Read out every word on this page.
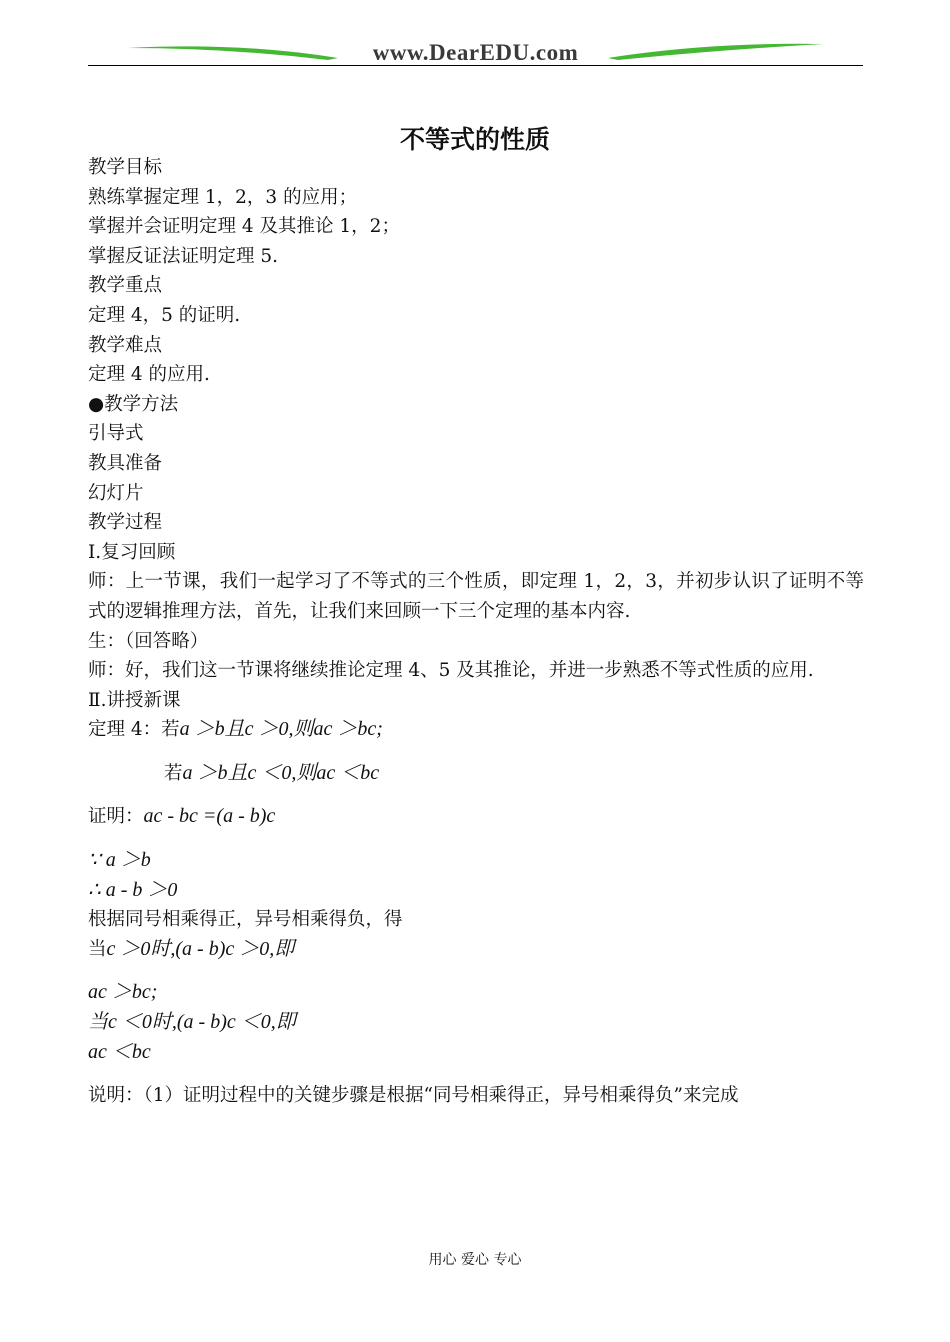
www.DearEDU.com
不等式的性质
教学目标
熟练掌握定理 1，2，3 的应用；
掌握并会证明定理 4 及其推论 1，2；
掌握反证法证明定理 5.
教学重点
定理 4，5 的证明.
教学难点
定理 4 的应用.
●教学方法
引导式
教具准备
幻灯片
教学过程
Ⅰ.复习回顾
师：上一节课，我们一起学习了不等式的三个性质，即定理 1，2，3，并初步认识了证明不等式的逻辑推理方法，首先，让我们来回顾一下三个定理的基本内容.
生：（回答略）
师：好，我们这一节课将继续推论定理 4、5 及其推论，并进一步熟悉不等式性质的应用.
Ⅱ.讲授新课
定理 4：若a ＞b且c ＞0,则ac ＞bc;
若a ＞b且c ＜0,则ac ＜bc
证明：ac - bc =(a - b)c
∵ a ＞b
∴ a - b ＞0
根据同号相乘得正，异号相乘得负，得
当c ＞0时,(a - b)c ＞0,即
ac ＞bc;
当c ＜0时,(a - b)c ＜0,即
ac ＜bc
说明：（1）证明过程中的关键步骤是根据“同号相乘得正，异号相乘得负”来完成
用心 爱心 专心
